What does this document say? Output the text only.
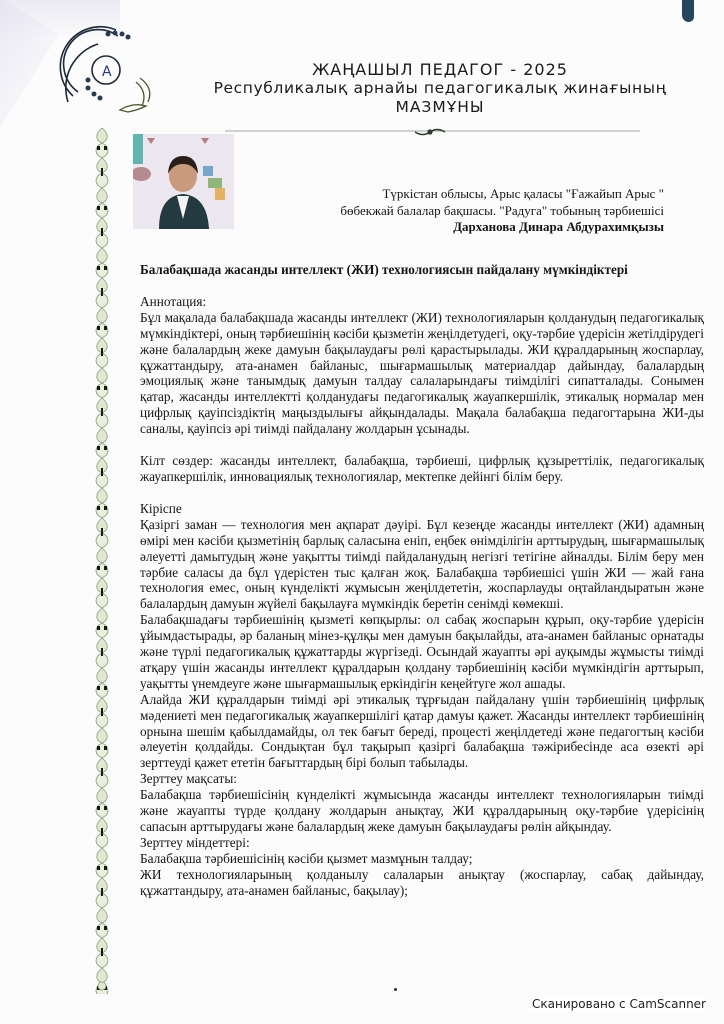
A	ЖАҢАШЫЛ ПЕДАГОГ - 2025
Республикалық арнайы педагогикалық жинағының
МАЗМҰНЫ
Түркістан облысы, Арыс қаласы "Ғажайып Арыс "
бөбекжай балалар бақшасы. "Радуга" тобының тәрбиешісі
Дарханова Динара Абдурахимқызы
Балабақшада жасанды интеллект (ЖИ) технологиясын пайдалану мүмкіндіктері
Аннотация:

Бұл мақалада балабақшада жасанды интеллект (ЖИ) технологияларын қолданудың педагогикалық мүмкіндіктері, оның тәрбиешінің кәсіби қызметін жеңілдетудегі, оқу-тәрбие үдерісін жетілдірудегі және балалардың жеке дамуын бақылаудағы рөлі қарастырылады. ЖИ құралдарының жоспарлау, құжаттандыру, ата-анамен байланыс, шығармашылық материалдар дайындау, балалардың эмоциялық және танымдық дамуын талдау салаларындағы тиімділігі сипатталады. Сонымен қатар, жасанды интеллектті қолданудағы педагогикалық жауапкершілік, этикалық нормалар мен цифрлық қауіпсіздіктің маңыздылығы айқындалады. Мақала балабақша педагогтарына ЖИ-ды саналы, қауіпсіз әрі тиімді пайдалану жолдарын ұсынады.

Кілт сөздер: жасанды интеллект, балабақша, тәрбиеші, цифрлық құзыреттілік, педагогикалық жауапкершілік, инновациялық технологиялар, мектепке дейінгі білім беру.

Кіріспе

Қазіргі заман — технология мен ақпарат дәуірі. Бұл кезеңде жасанды интеллект (ЖИ) адамның өмірі мен кәсіби қызметінің барлық саласына еніп, еңбек өнімділігін арттырудың, шығармашылық әлеуетті дамытудың және уақытты тиімді пайдаланудың негізгі тетігіне айналды. Білім беру мен тәрбие саласы да бұл үдерістен тыс қалған жоқ. Балабақша тәрбиешісі үшін ЖИ — жай ғана технология емес, оның күнделікті жұмысын жеңілдететін, жоспарлауды оңтайландыратын және балалардың дамуын жүйелі бақылауға мүмкіндік беретін сенімді көмекші.

Балабақшадағы тәрбиешінің қызметі көпқырлы: ол сабақ жоспарын құрып, оқу-тәрбие үдерісін ұйымдастырады, әр баланың мінез-құлқы мен дамуын бақылайды, ата-анамен байланыс орнатады және түрлі педагогикалық құжаттарды жүргізеді. Осындай жауапты әрі ауқымды жұмысты тиімді атқару үшін жасанды интеллект құралдарын қолдану тәрбиешінің кәсіби мүмкіндігін арттырып, уақытты үнемдеуге және шығармашылық еркіндігін кеңейтуге жол ашады.

Алайда ЖИ құралдарын тиімді әрі этикалық тұрғыдан пайдалану үшін тәрбиешінің цифрлық мәдениеті мен педагогикалық жауапкершілігі қатар дамуы қажет. Жасанды интеллект тәрбиешінің орнына шешім қабылдамайды, ол тек бағыт береді, процесті жеңілдетеді және педагогтың кәсіби әлеуетін қолдайды. Сондықтан бұл тақырып қазіргі балабақша тәжірибесінде аса өзекті әрі зерттеуді қажет ететін бағыттардың бірі болып табылады.

Зерттеу мақсаты:

Балабақша тәрбиешісінің күнделікті жұмысында жасанды интеллект технологияларын тиімді және жауапты түрде қолдану жолдарын анықтау, ЖИ құралдарының оқу-тәрбие үдерісінің сапасын арттырудағы және балалардың жеке дамуын бақылаудағы рөлін айқындау.

Зерттеу міндеттері:

Балабақша тәрбиешісінің кәсіби қызмет мазмұнын талдау;

ЖИ технологияларының қолданылу салаларын анықтау (жоспарлау, сабақ дайындау, құжаттандыру, ата-анамен байланыс, бақылау);

Сканировано с CamScanner
